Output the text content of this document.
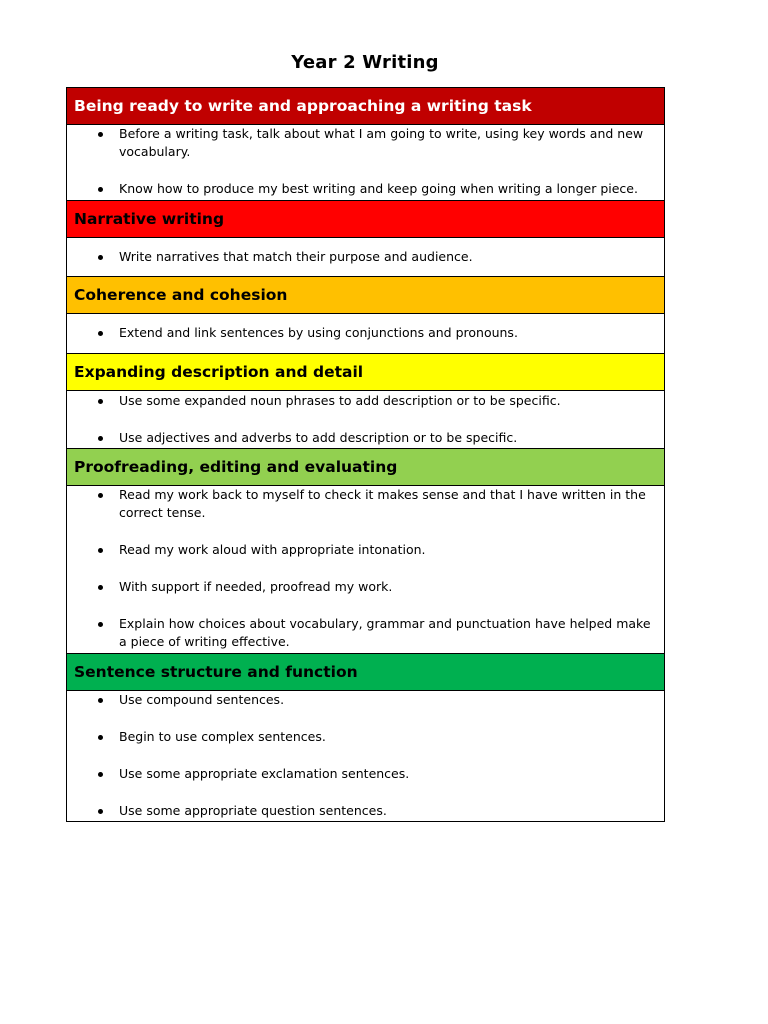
Year 2 Writing
Being ready to write and approaching a writing task

Before a writing task, talk about what I am going to write, using key words and new vocabulary.

Know how to produce my best writing and keep going when writing a longer piece.

Narrative writing

Write narratives that match their purpose and audience.

Coherence and cohesion

Extend and link sentences by using conjunctions and pronouns.

Expanding description and detail

Use some expanded noun phrases to add description or to be specific.

Use adjectives and adverbs to add description or to be specific.

Proofreading, editing and evaluating

Read my work back to myself to check it makes sense and that I have written in the correct tense.

Read my work aloud with appropriate intonation.

With support if needed, proofread my work.

Explain how choices about vocabulary, grammar and punctuation have helped make a piece of writing effective.

Sentence structure and function

Use compound sentences.

Begin to use complex sentences.

Use some appropriate exclamation sentences.

Use some appropriate question sentences.
